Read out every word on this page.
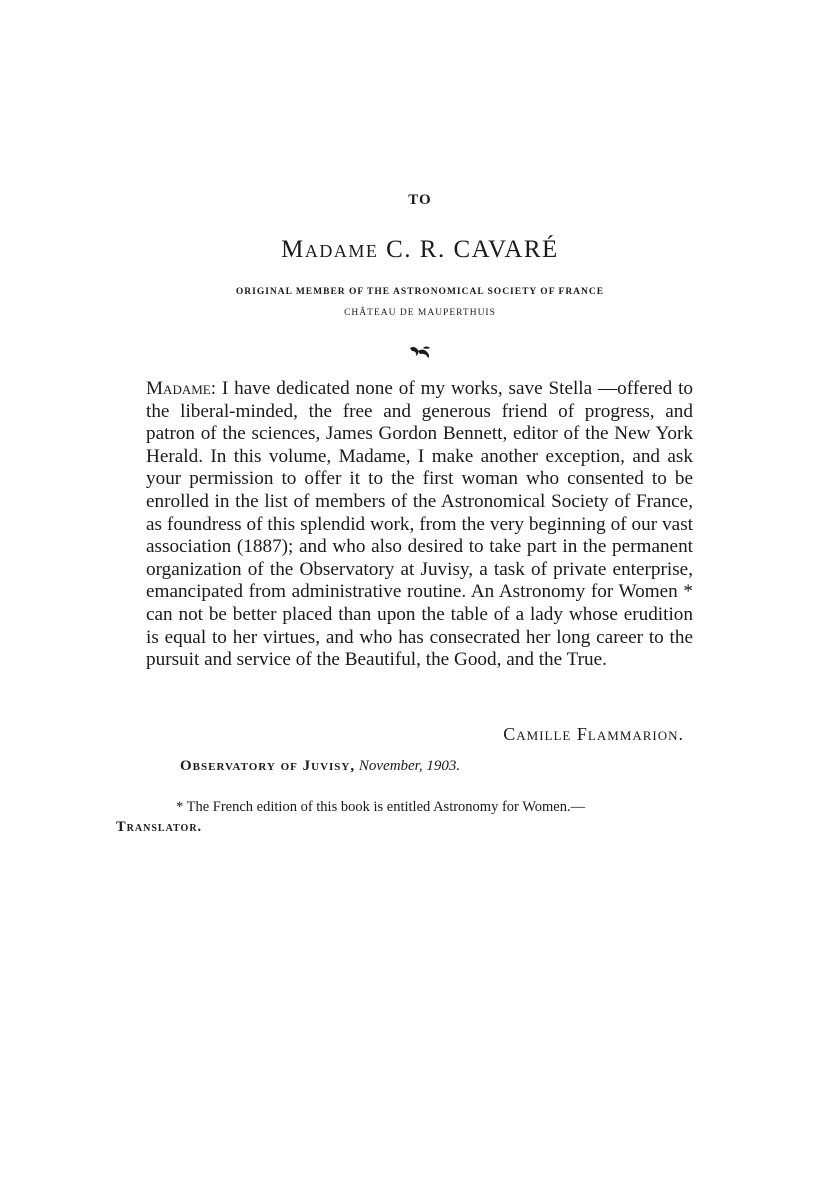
TO
Madame C. R. CAVARÉ
ORIGINAL MEMBER OF THE ASTRONOMICAL SOCIETY OF FRANCE
CHÂTEAU DE MAUPERTHUIS
Madame: I have dedicated none of my works, save Stella —offered to the liberal-minded, the free and generous friend of progress, and patron of the sciences, James Gordon Bennett, editor of the New York Herald. In this volume, Madame, I make another exception, and ask your permission to offer it to the first woman who consented to be enrolled in the list of members of the Astronomical Society of France, as foundress of this splendid work, from the very beginning of our vast association (1887); and who also desired to take part in the permanent organization of the Observatory at Juvisy, a task of private enterprise, emancipated from administrative routine. An Astronomy for Women * can not be better placed than upon the table of a lady whose erudition is equal to her virtues, and who has consecrated her long career to the pursuit and service of the Beautiful, the Good, and the True.
Camille Flammarion.
Observatory of Juvisy, November, 1903.
* The French edition of this book is entitled Astronomy for Women.—
Translator.
